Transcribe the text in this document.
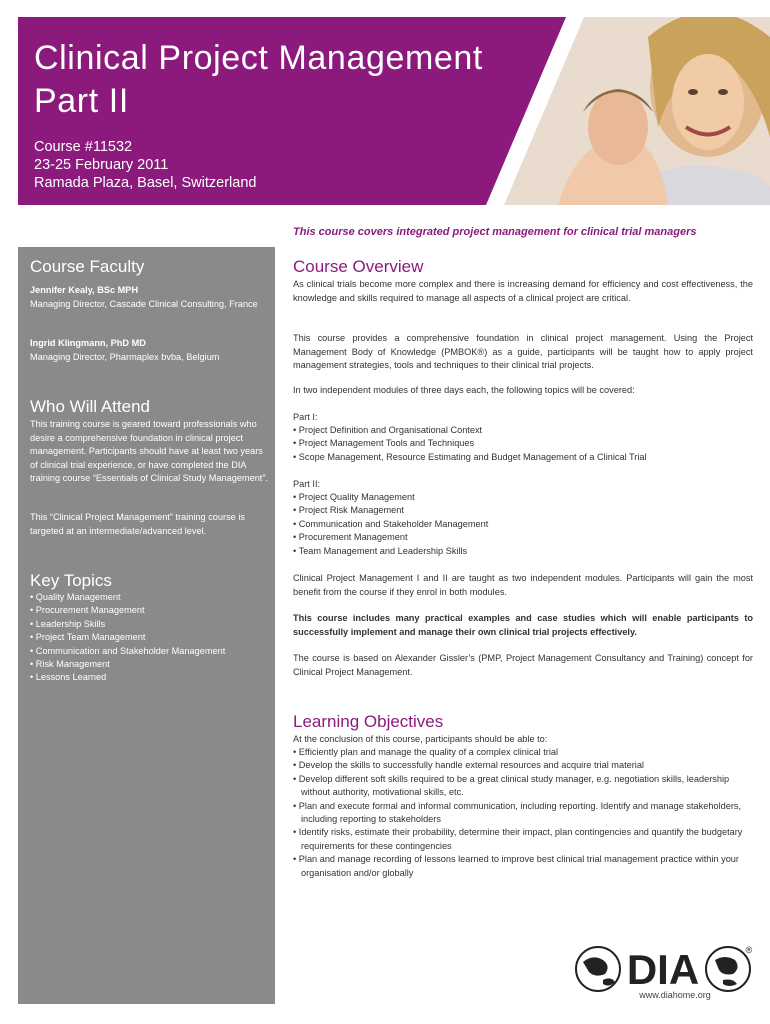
Clinical Project Management
Part II
Course #11532
23-25 February 2011
Ramada Plaza, Basel, Switzerland
This course covers integrated project management for clinical trial managers
Course Faculty
Jennifer Kealy, BSc MPH
Managing Director, Cascade Clinical Consulting, France
Ingrid Klingmann, PhD MD
Managing Director, Pharmaplex bvba, Belgium
Who Will Attend
This training course is geared toward professionals who desire a comprehensive foundation in clinical project management. Participants should have at least two years of clinical trial experience, or have completed the DIA training course “Essentials of Clinical Study Management”.
This “Clinical Project Management” training course is targeted at an intermediate/advanced level.
Key Topics
• Quality Management
• Procurement Management
• Leadership Skills
• Project Team Management
• Communication and Stakeholder Management
• Risk Management
• Lessons Learned
Course Overview
As clinical trials become more complex and there is increasing demand for efficiency and cost effectiveness, the knowledge and skills required to manage all aspects of a clinical project are critical.
This course provides a comprehensive foundation in clinical project management. Using the Project Management Body of Knowledge (PMBOK®) as a guide, participants will be taught how to apply project management strategies, tools and techniques to their clinical trial projects.
In two independent modules of three days each, the following topics will be covered:
Part I:
• Project Definition and Organisational Context
• Project Management Tools and Techniques
• Scope Management, Resource Estimating and Budget Management of a Clinical Trial
Part II:
• Project Quality Management
• Project Risk Management
• Communication and Stakeholder Management
• Procurement Management
• Team Management and Leadership Skills
Clinical Project Management I and II are taught as two independent modules. Participants will gain the most benefit from the course if they enrol in both modules.
This course includes many practical examples and case studies which will enable participants to successfully implement and manage their own clinical trial projects effectively.
The course is based on Alexander Gissler’s (PMP, Project Management Consultancy and Training) concept for Clinical Project Management.
Learning Objectives
At the conclusion of this course, participants should be able to:
• Efficiently plan and manage the quality of a complex clinical trial
• Develop the skills to successfully handle external resources and acquire trial material
• Develop different soft skills required to be a great clinical study manager, e.g. negotiation skills, leadership without authority, motivational skills, etc.
• Plan and execute formal and informal communication, including reporting. Identify and manage stakeholders, including reporting to stakeholders
• Identify risks, estimate their probability, determine their impact, plan contingencies and quantify the budgetary requirements for these contingencies
• Plan and manage recording of lessons learned to improve best clinical trial management practice within your organisation and/or globally
DIA	®
www.diahome.org
